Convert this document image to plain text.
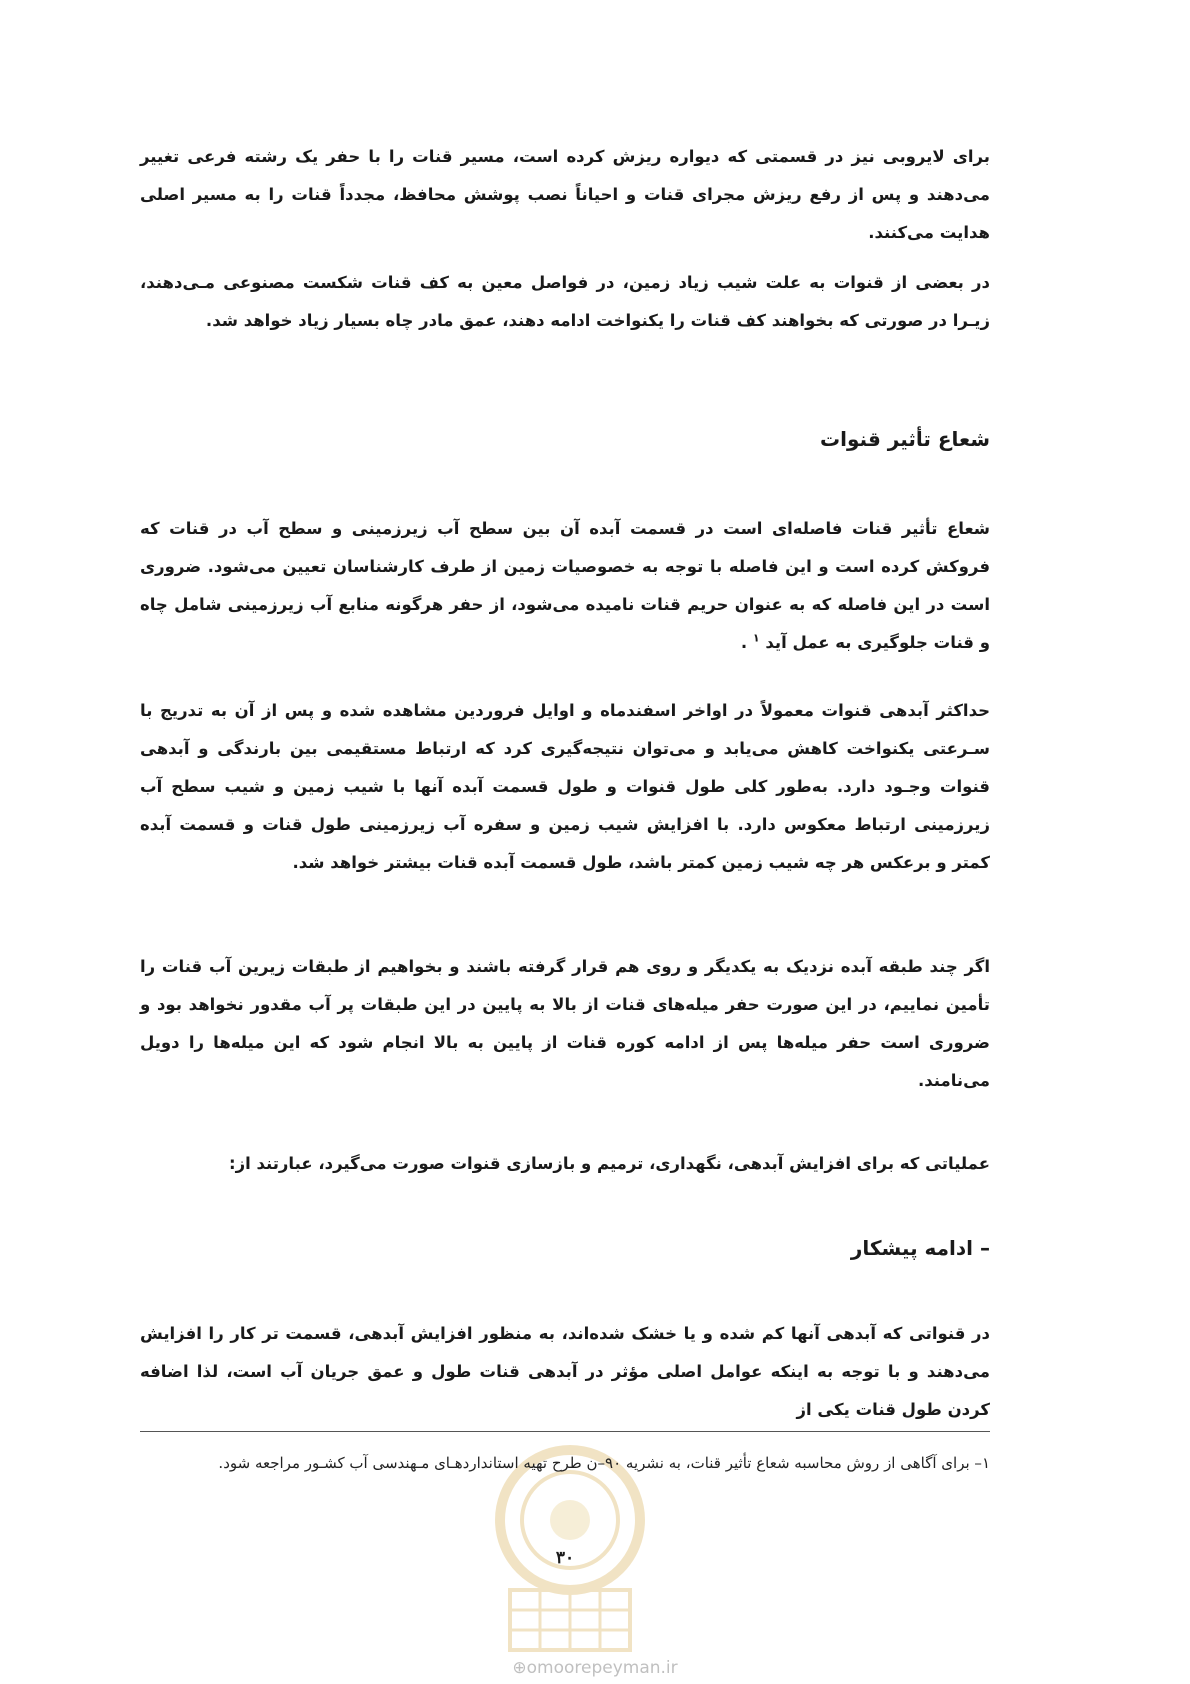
برای لایروبی نیز در قسمتی که دیواره ریزش کرده است، مسیر قنات را با حفر یک رشته فرعی تغییر می‌دهند و پس از رفع ریزش مجرای قنات و احیاناً نصب پوشش محافظ، مجدداً قنات را به مسیر اصلی هدایت می‌کنند.
در بعضی از قنوات به علت شیب زیاد زمین، در فواصل معین به کف قنات شکست مصنوعی مـی‌دهند، زیـرا در صورتی که بخواهند کف قنات را یکنواخت ادامه دهند، عمق مادر چاه بسیار زیاد خواهد شد.
شعاع تأثیر قنوات
شعاع تأثیر قنات فاصله‌ای است در قسمت آبده آن بین سطح آب زیرزمینی و سطح آب در قنات که فروکش کرده است و این فاصله با توجه به خصوصیات زمین از طرف کارشناسان تعیین می‌شود. ضروری است در این فاصله که به عنوان حریم قنات نامیده می‌شود، از حفر هرگونه منابع آب زیرزمینی شامل چاه و قنات جلوگیری به عمل آید $^۱$ .
حداکثر آبدهی قنوات معمولاً در اواخر اسفندماه و اوایل فروردین مشاهده شده و پس از آن به تدریج با سـرعتی یکنواخت کاهش می‌یابد و می‌توان نتیجه‌گیری کرد که ارتباط مستقیمی بین بارندگی و آبدهی قنوات وجـود دارد. به‌طور کلی طول قنوات و طول قسمت آبده آنها با شیب زمین و شیب سطح آب زیرزمینی ارتباط معکوس دارد. با افزایش شیب زمین و سفره آب زیرزمینی طول قنات و قسمت آبده کمتر و برعکس هر چه شیب زمین کمتر باشد، طول قسمت آبده قنات بیشتر خواهد شد.
اگر چند طبقه آبده نزدیک به یکدیگر و روی هم قرار گرفته باشند و بخواهیم از طبقات زیرین آب قنات را تأمین نماییم، در این صورت حفر میله‌های قنات از بالا به پایین در این طبقات پر آب مقدور نخواهد بود و ضروری است حفر میله‌ها پس از ادامه کوره قنات از پایین به بالا انجام شود که این میله‌ها را دویل می‌نامند.
عملیاتی که برای افزایش آبدهی، نگهداری، ترمیم و بازسازی قنوات صورت می‌گیرد، عبارتند از:
– ادامه پیشکار
در قنواتی که آبدهی آنها کم شده و یا خشک شده‌اند، به منظور افزایش آبدهی، قسمت تر کار را افزایش می‌دهند و با توجه به اینکه عوامل اصلی مؤثر در آبدهی قنات طول و عمق جریان آب است، لذا اضافه کردن طول قنات یکی از
۱– برای آگاهی از روش محاسبه شعاع تأثیر قنات، به نشریه ۹۰–ن طرح تهیه استانداردهـای مـهندسی آب کشـور مراجعه شود.
۳۰
⊕omoorepeyman.ir
